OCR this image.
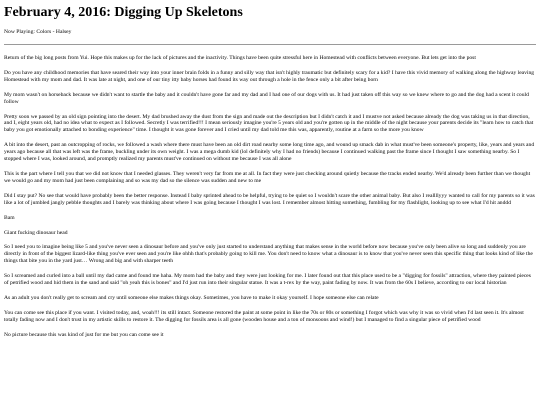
February 4, 2016: Digging Up Skeletons
Now Playing: Colors - Halsey

Return of the big long posts from Yui. Hope this makes up for the lack of pictures and the inactivity. Things have been quite stressful here in Homestead with conflicts between everyone. But lets get into the post

Do you have any childhood memories that have seared their way into your inner brain folds in a funny and silly way that isn't highly traumatic but definitely scary for a kid? I have this vivid memory of walking along the highway leaving Homestead with my mom and dad. It was late at night, and one of our tiny itty baby horses had found its way out through a hole in the fence only a bit after being born

My mom wasn't on horseback because we didn't want to startle the baby and it couldn't have gone far and my dad and I had one of our dogs with us. It had just taken off this way so we knew where to go and the dog had a scent it could follow

Pretty soon we passed by an old sign pointing into the desert. My dad brushed away the dust from the sign and made out the description but I didn't catch it and I mustve not asked because already the dog was taking us in that direction, and I, eight years old, had no idea what to expect as I followed. Secretly I was terrified!!! I mean seriously imagine you're 5 years old and you're gotten up in the middle of the night because your parents decide its "learn how to catch that baby you got emotionally attached to bonding experience" time. I thought it was gone forever and I cried until my dad told me this was, apparently, routine at a farm so the more you know

A bit into the desert, past an outcropping of rocks, we followed a wash where there must have been an old dirt road nearby some long time ago, and wound up smack dab in what must've been someone's property, like, years and years and years ago because all that was left was the frame, buckling under its own weight. I was a mega dumb kid (lol definitely why I had no friends) because I continued walking past the frame since I thought I saw something nearby. So I stopped where I was, looked around, and promptly realized my parents must've continued on without me because I was all alone

This is the part where I tell you that we did not know that I needed glasses. They weren't very far from me at all. In fact they were just checking around quietly because the tracks ended nearby. We'd already been further than we thought we would go and my mom had just been complaining and so was my dad so the silence was sudden and new to me

Did I stay put? No see that would have probably been the better response. Instead I baby sprinted ahead to be helpful, trying to be quiet so I wouldn't scare the other animal baby. But also I reallllyyy wanted to call for my parents so it was like a lot of jumbled jangly pebble thoughts and I barely was thinking about where I was going because I thought I was lost. I remember almost hitting something, fumbling for my flashlight, looking up to see what I'd hit anddd

Bam

Giant fucking dinosaur head

So I need you to imagine being like 5 and you've never seen a dinosaur before and you've only just started to understand anything that makes sense in the world before now because you've only been alive so long and suddenly you are directly in front of the biggest lizard-like thing you've ever seen and you're like ohhh that's probably going to kill me. You don't need to know what a dinosaur is to know that you've never seen this specific thing that looks kind of like the things that bite you in the yard just… Wrong and big and with sharper teeth

So I screamed and curled into a ball until my dad came and found me haha. My mom had the baby and they were just looking for me. I later found out that this place used to be a "digging for fossils" attraction, where they painted pieces of petrified wood and hid them in the sand and said "oh yeah this is bones" and I'd just run into their singular statue. It was a t-rex by the way, paint fading by now. It was from the 60s I believe, according to our local historian

As an adult you don't really get to scream and cry until someone else makes things okay. Sometimes, you have to make it okay yourself. I hope someone else can relate

You can come see this place if you want. I visited today, and, woah!!! its still intact. Someone restored the paint at some point in like the 70s or 80s or something I forgot which was why it was so vivid when I'd last seen it. It's almost totally fading now and I don't trust in my artistic skills to restore it. The digging for fossils area is all gone (wooden house and a ton of monsoons and wind!) but I managed to find a singular piece of petrified wood

No picture because this was kind of just for me but you can come see it
